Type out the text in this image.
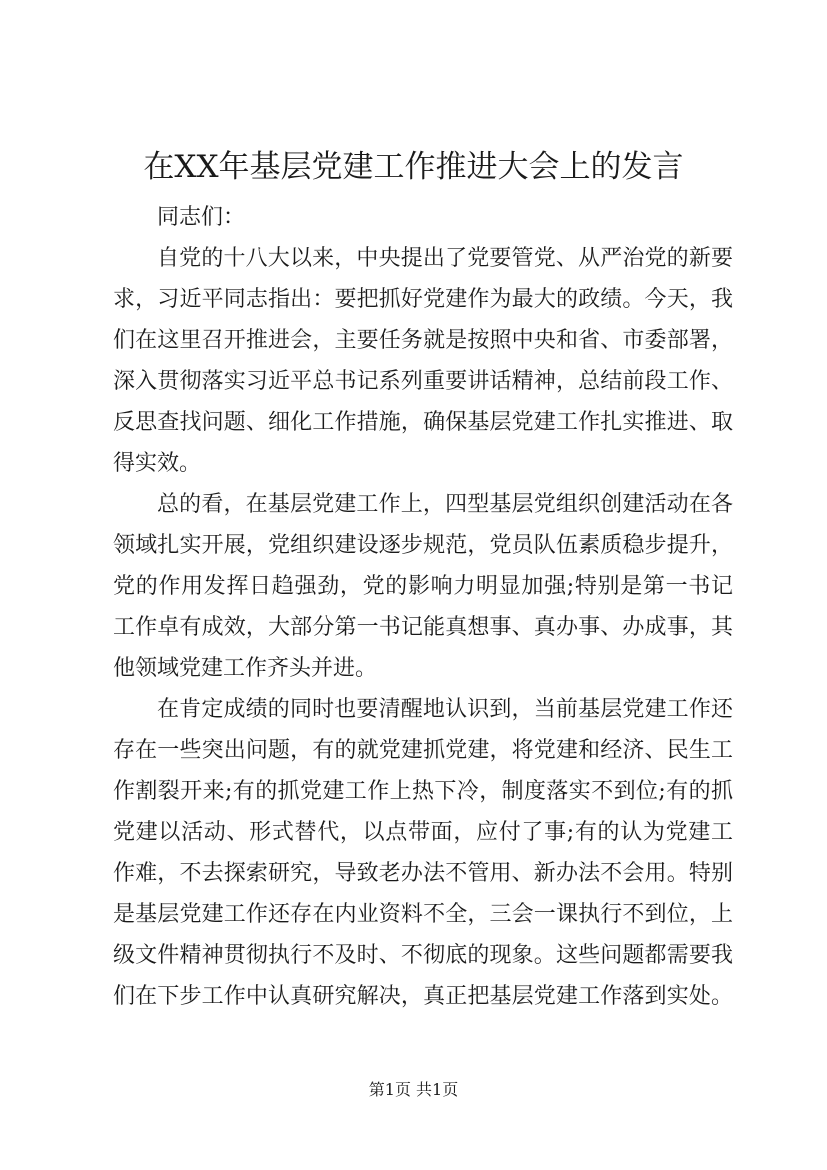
在XX年基层党建工作推进大会上的发言
同志们：
自党的十八大以来，中央提出了党要管党、从严治党的新要
求，习近平同志指出：要把抓好党建作为最大的政绩。今天，我
们在这里召开推进会，主要任务就是按照中央和省、市委部署，
深入贯彻落实习近平总书记系列重要讲话精神，总结前段工作、
反思查找问题、细化工作措施，确保基层党建工作扎实推进、取
得实效。
总的看，在基层党建工作上，四型基层党组织创建活动在各
领域扎实开展，党组织建设逐步规范，党员队伍素质稳步提升，
党的作用发挥日趋强劲，党的影响力明显加强;特别是第一书记
工作卓有成效，大部分第一书记能真想事、真办事、办成事，其
他领域党建工作齐头并进。
在肯定成绩的同时也要清醒地认识到，当前基层党建工作还
存在一些突出问题，有的就党建抓党建，将党建和经济、民生工
作割裂开来;有的抓党建工作上热下冷，制度落实不到位;有的抓
党建以活动、形式替代，以点带面，应付了事;有的认为党建工
作难，不去探索研究，导致老办法不管用、新办法不会用。特别
是基层党建工作还存在内业资料不全，三会一课执行不到位，上
级文件精神贯彻执行不及时、不彻底的现象。这些问题都需要我
们在下步工作中认真研究解决，真正把基层党建工作落到实处。
第1页 共1页
